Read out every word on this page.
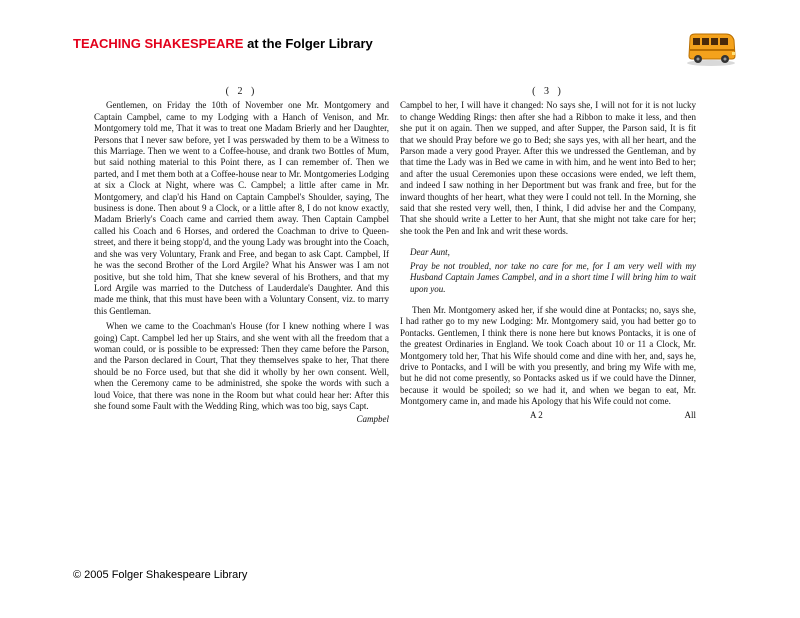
TEACHING SHAKESPEARE at the Folger Library
( 2 )

Gentlemen, on Friday the 10th of November one Mr. Montgomery and Captain Campbel, came to my Lodging with a Hanch of Venison, and Mr. Montgomery told me, That it was to treat one Madam Brierly and her Daughter, Persons that I never saw before, yet I was perswaded by them to be a Witness to this Marriage. Then we went to a Coffee-house, and drank two Bottles of Mum, but said nothing material to this Point there, as I can remember of. Then we parted, and I met them both at a Coffee-house near to Mr. Montgomeries Lodging at six a Clock at Night, where was C. Campbel; a little after came in Mr. Montgomery, and clap'd his Hand on Captain Campbel's Shoulder, saying, The business is done. Then about 9 a Clock, or a little after 8, I do not know exactly, Madam Brierly's Coach came and carried them away. Then Captain Campbel called his Coach and 6 Horses, and ordered the Coachman to drive to Queen-street, and there it being stopp'd, and the young Lady was brought into the Coach, and she was very Voluntary, Frank and Free, and began to ask Capt. Campbel, If he was the second Brother of the Lord Argile? What his Answer was I am not positive, but she told him, That she knew several of his Brothers, and that my Lord Argile was married to the Dutchess of Lauderdale's Daughter. And this made me think, that this must have been with a Voluntary Consent, viz. to marry this Gentleman.

When we came to the Coachman's House (for I knew nothing where I was going) Capt. Campbel led her up Stairs, and she went with all the freedom that a woman could, or is possible to be expressed: Then they came before the Parson, and the Parson declared in Court, That they themselves spake to her, That there should be no Force used, but that she did it wholly by her own consent. Well, when the Ceremony came to be administred, she spoke the words with such a loud Voice, that there was none in the Room but what could hear her: After this she found some Fault with the Wedding Ring, which was too big, says Capt.

Campbel
( 3 )

Campbel to her, I will have it changed: No says she, I will not for it is not lucky to change Wedding Rings: then after she had a Ribbon to make it less, and then she put it on again. Then we supped, and after Supper, the Parson said, It is fit that we should Pray before we go to Bed; she says yes, with all her heart, and the Parson made a very good Prayer. After this we undressed the Gentleman, and by that time the Lady was in Bed we came in with him, and he went into Bed to her; and after the usual Ceremonies upon these occasions were ended, we left them, and indeed I saw nothing in her Deportment but was frank and free, but for the inward thoughts of her heart, what they were I could not tell. In the Morning, she said that she rested very well, then, I think, I did advise her and the Company, That she should write a Letter to her Aunt, that she might not take care for her; she took the Pen and Ink and writ these words.

Dear Aunt,

Pray be not troubled, nor take no care for me, for I am very well with my Husband Captain James Campbel, and in a short time I will bring him to wait upon you.

Then Mr. Montgomery asked her, if she would dine at Pontacks; no, says she, I had rather go to my new Lodging: Mr. Montgomery said, you had better go to Pontacks. Gentlemen, I think there is none here but knows Pontacks, it is one of the greatest Ordinaries in England. We took Coach about 10 or 11 a Clock, Mr. Montgomery told her, That his Wife should come and dine with her, and, says he, drive to Pontacks, and I will be with you presently, and bring my Wife with me, but he did not come presently, so Pontacks asked us if we could have the Dinner, because it would be spoiled; so we had it, and when we began to eat, Mr. Montgomery came in, and made his Apology that his Wife could not come.

A 2	All
© 2005 Folger Shakespeare Library
